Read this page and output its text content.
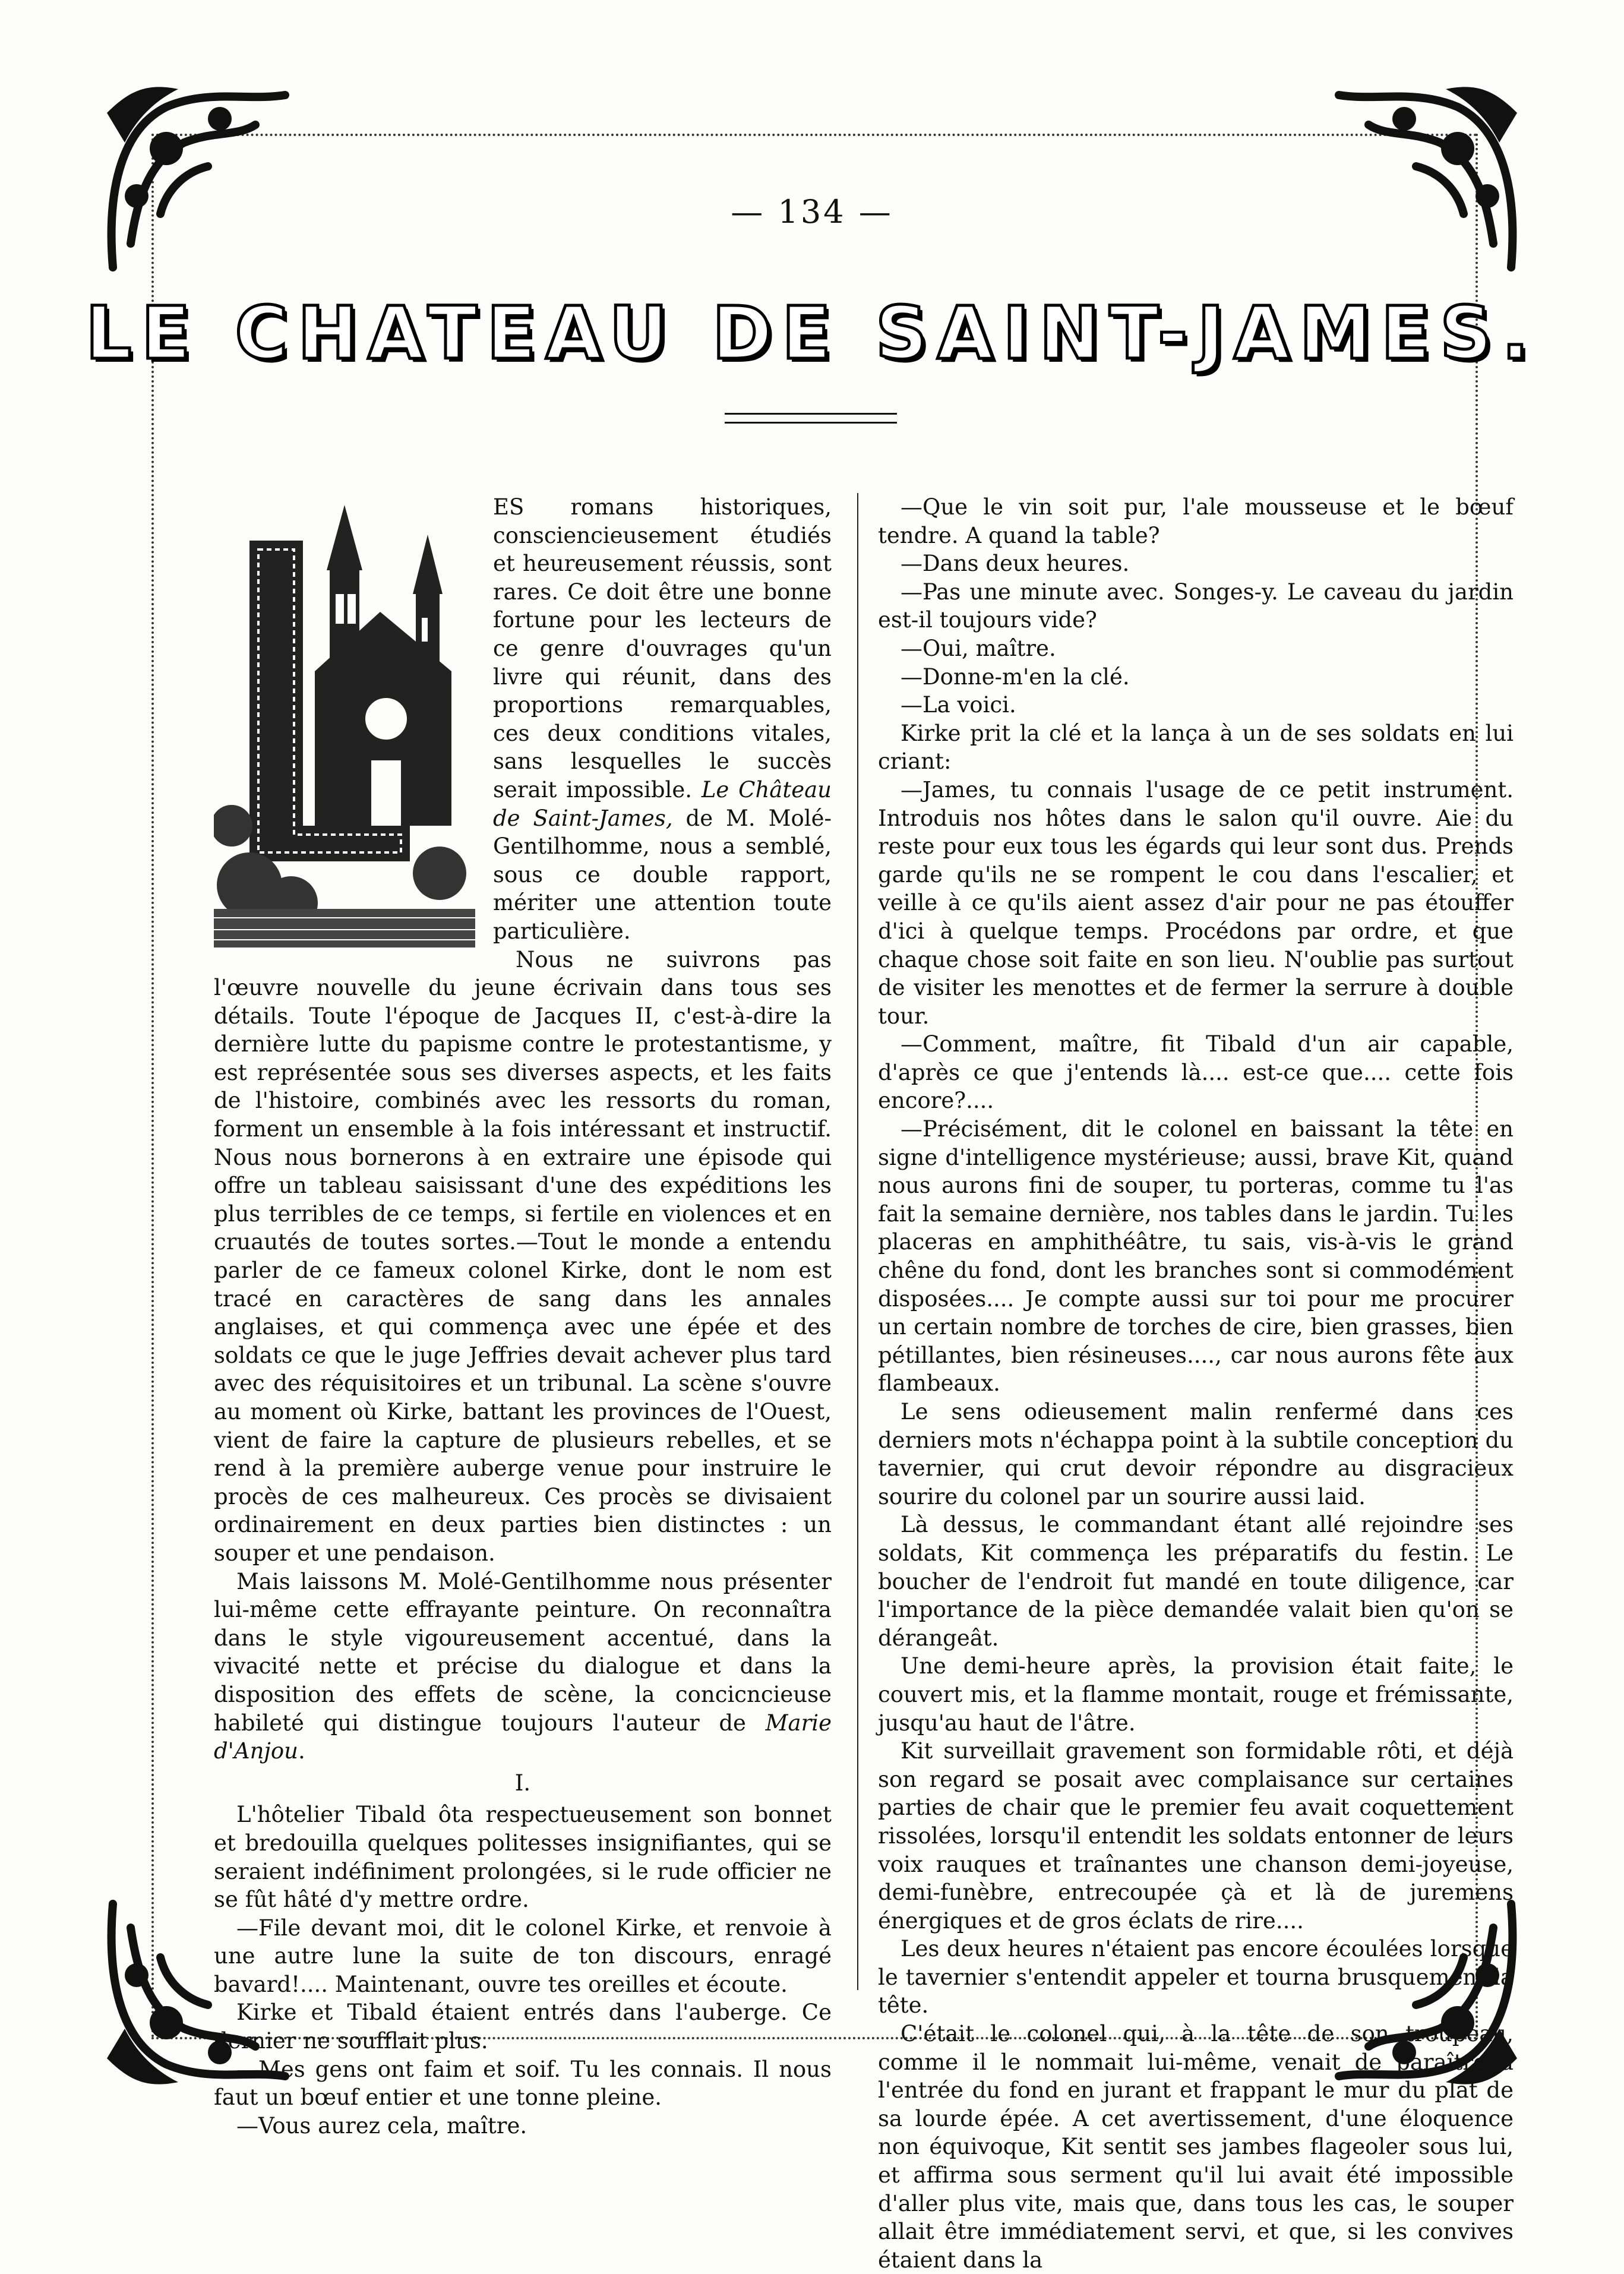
— 134 —
LE CHATEAU DE SAINT-JAMES.

ES romans historiques, consciencieusement étudiés et heureusement réussis, sont rares. Ce doit être une bonne fortune pour les lecteurs de ce genre d'ouvrages qu'un livre qui réunit, dans des proportions remarquables, ces deux conditions vitales, sans lesquelles le succès serait impossible. Le Château de Saint-James, de M. Molé-Gentilhomme, nous a semblé, sous ce double rapport, mériter une attention toute particulière.

Nous ne suivrons pas l'œuvre nouvelle du jeune écrivain dans tous ses détails. Toute l'époque de Jacques II, c'est-à-dire la dernière lutte du papisme contre le protestantisme, y est représentée sous ses diverses aspects, et les faits de l'histoire, combinés avec les ressorts du roman, forment un ensemble à la fois intéressant et instructif. Nous nous bornerons à en extraire une épisode qui offre un tableau saisissant d'une des expéditions les plus terribles de ce temps, si fertile en violences et en cruautés de toutes sortes.—Tout le monde a entendu parler de ce fameux colonel Kirke, dont le nom est tracé en caractères de sang dans les annales anglaises, et qui commença avec une épée et des soldats ce que le juge Jeffries devait achever plus tard avec des réquisitoires et un tribunal. La scène s'ouvre au moment où Kirke, battant les provinces de l'Ouest, vient de faire la capture de plusieurs rebelles, et se rend à la première auberge venue pour instruire le procès de ces malheureux. Ces procès se divisaient ordinairement en deux parties bien distinctes : un souper et une pendaison.

Mais laissons M. Molé-Gentilhomme nous présenter lui-même cette effrayante peinture. On reconnaîtra dans le style vigoureusement accentué, dans la vivacité nette et précise du dialogue et dans la disposition des effets de scène, la concicncieuse habileté qui distingue toujours l'auteur de Marie d'Anjou.

I.

L'hôtelier Tibald ôta respectueusement son bonnet et bredouilla quelques politesses insignifiantes, qui se seraient indéfiniment prolongées, si le rude officier ne se fût hâté d'y mettre ordre.

—File devant moi, dit le colonel Kirke, et renvoie à une autre lune la suite de ton discours, enragé bavard!.... Maintenant, ouvre tes oreilles et écoute.

Kirke et Tibald étaient entrés dans l'auberge. Ce dernier ne soufflait plus.

—Mes gens ont faim et soif. Tu les connais. Il nous faut un bœuf entier et une tonne pleine.

—Vous aurez cela, maître.

—Que le vin soit pur, l'ale mousseuse et le bœuf tendre. A quand la table?

—Dans deux heures.

—Pas une minute avec. Songes-y. Le caveau du jardin est-il toujours vide?

—Oui, maître.

—Donne-m'en la clé.

—La voici.

Kirke prit la clé et la lança à un de ses soldats en lui criant:

—James, tu connais l'usage de ce petit instrument. Introduis nos hôtes dans le salon qu'il ouvre. Aie du reste pour eux tous les égards qui leur sont dus. Prends garde qu'ils ne se rompent le cou dans l'escalier, et veille à ce qu'ils aient assez d'air pour ne pas étouffer d'ici à quelque temps. Procédons par ordre, et que chaque chose soit faite en son lieu. N'oublie pas surtout de visiter les menottes et de fermer la serrure à double tour.

—Comment, maître, fit Tibald d'un air capable, d'après ce que j'entends là.... est-ce que.... cette fois encore?....

—Précisément, dit le colonel en baissant la tête en signe d'intelligence mystérieuse; aussi, brave Kit, quand nous aurons fini de souper, tu porteras, comme tu l'as fait la semaine dernière, nos tables dans le jardin. Tu les placeras en amphithéâtre, tu sais, vis-à-vis le grand chêne du fond, dont les branches sont si commodément disposées.... Je compte aussi sur toi pour me procurer un certain nombre de torches de cire, bien grasses, bien pétillantes, bien résineuses...., car nous aurons fête aux flambeaux.

Le sens odieusement malin renfermé dans ces derniers mots n'échappa point à la subtile conception du tavernier, qui crut devoir répondre au disgracieux sourire du colonel par un sourire aussi laid.

Là dessus, le commandant étant allé rejoindre ses soldats, Kit commença les préparatifs du festin. Le boucher de l'endroit fut mandé en toute diligence, car l'importance de la pièce demandée valait bien qu'on se dérangeât.

Une demi-heure après, la provision était faite, le couvert mis, et la flamme montait, rouge et frémissante, jusqu'au haut de l'âtre.

Kit surveillait gravement son formidable rôti, et déjà son regard se posait avec complaisance sur certaines parties de chair que le premier feu avait coquettement rissolées, lorsqu'il entendit les soldats entonner de leurs voix rauques et traînantes une chanson demi-joyeuse, demi-funèbre, entrecoupée çà et là de juremens énergiques et de gros éclats de rire....

Les deux heures n'étaient pas encore écoulées lorsque le tavernier s'entendit appeler et tourna brusquement la tête.

C'était le colonel qui, à la tête de son troupeau, comme il le nommait lui-même, venait de paraître à l'entrée du fond en jurant et frappant le mur du plat de sa lourde épée. A cet avertissement, d'une éloquence non équivoque, Kit sentit ses jambes flageoler sous lui, et affirma sous serment qu'il lui avait été impossible d'aller plus vite, mais que, dans tous les cas, le souper allait être immédiatement servi, et que, si les convives étaient dans la
